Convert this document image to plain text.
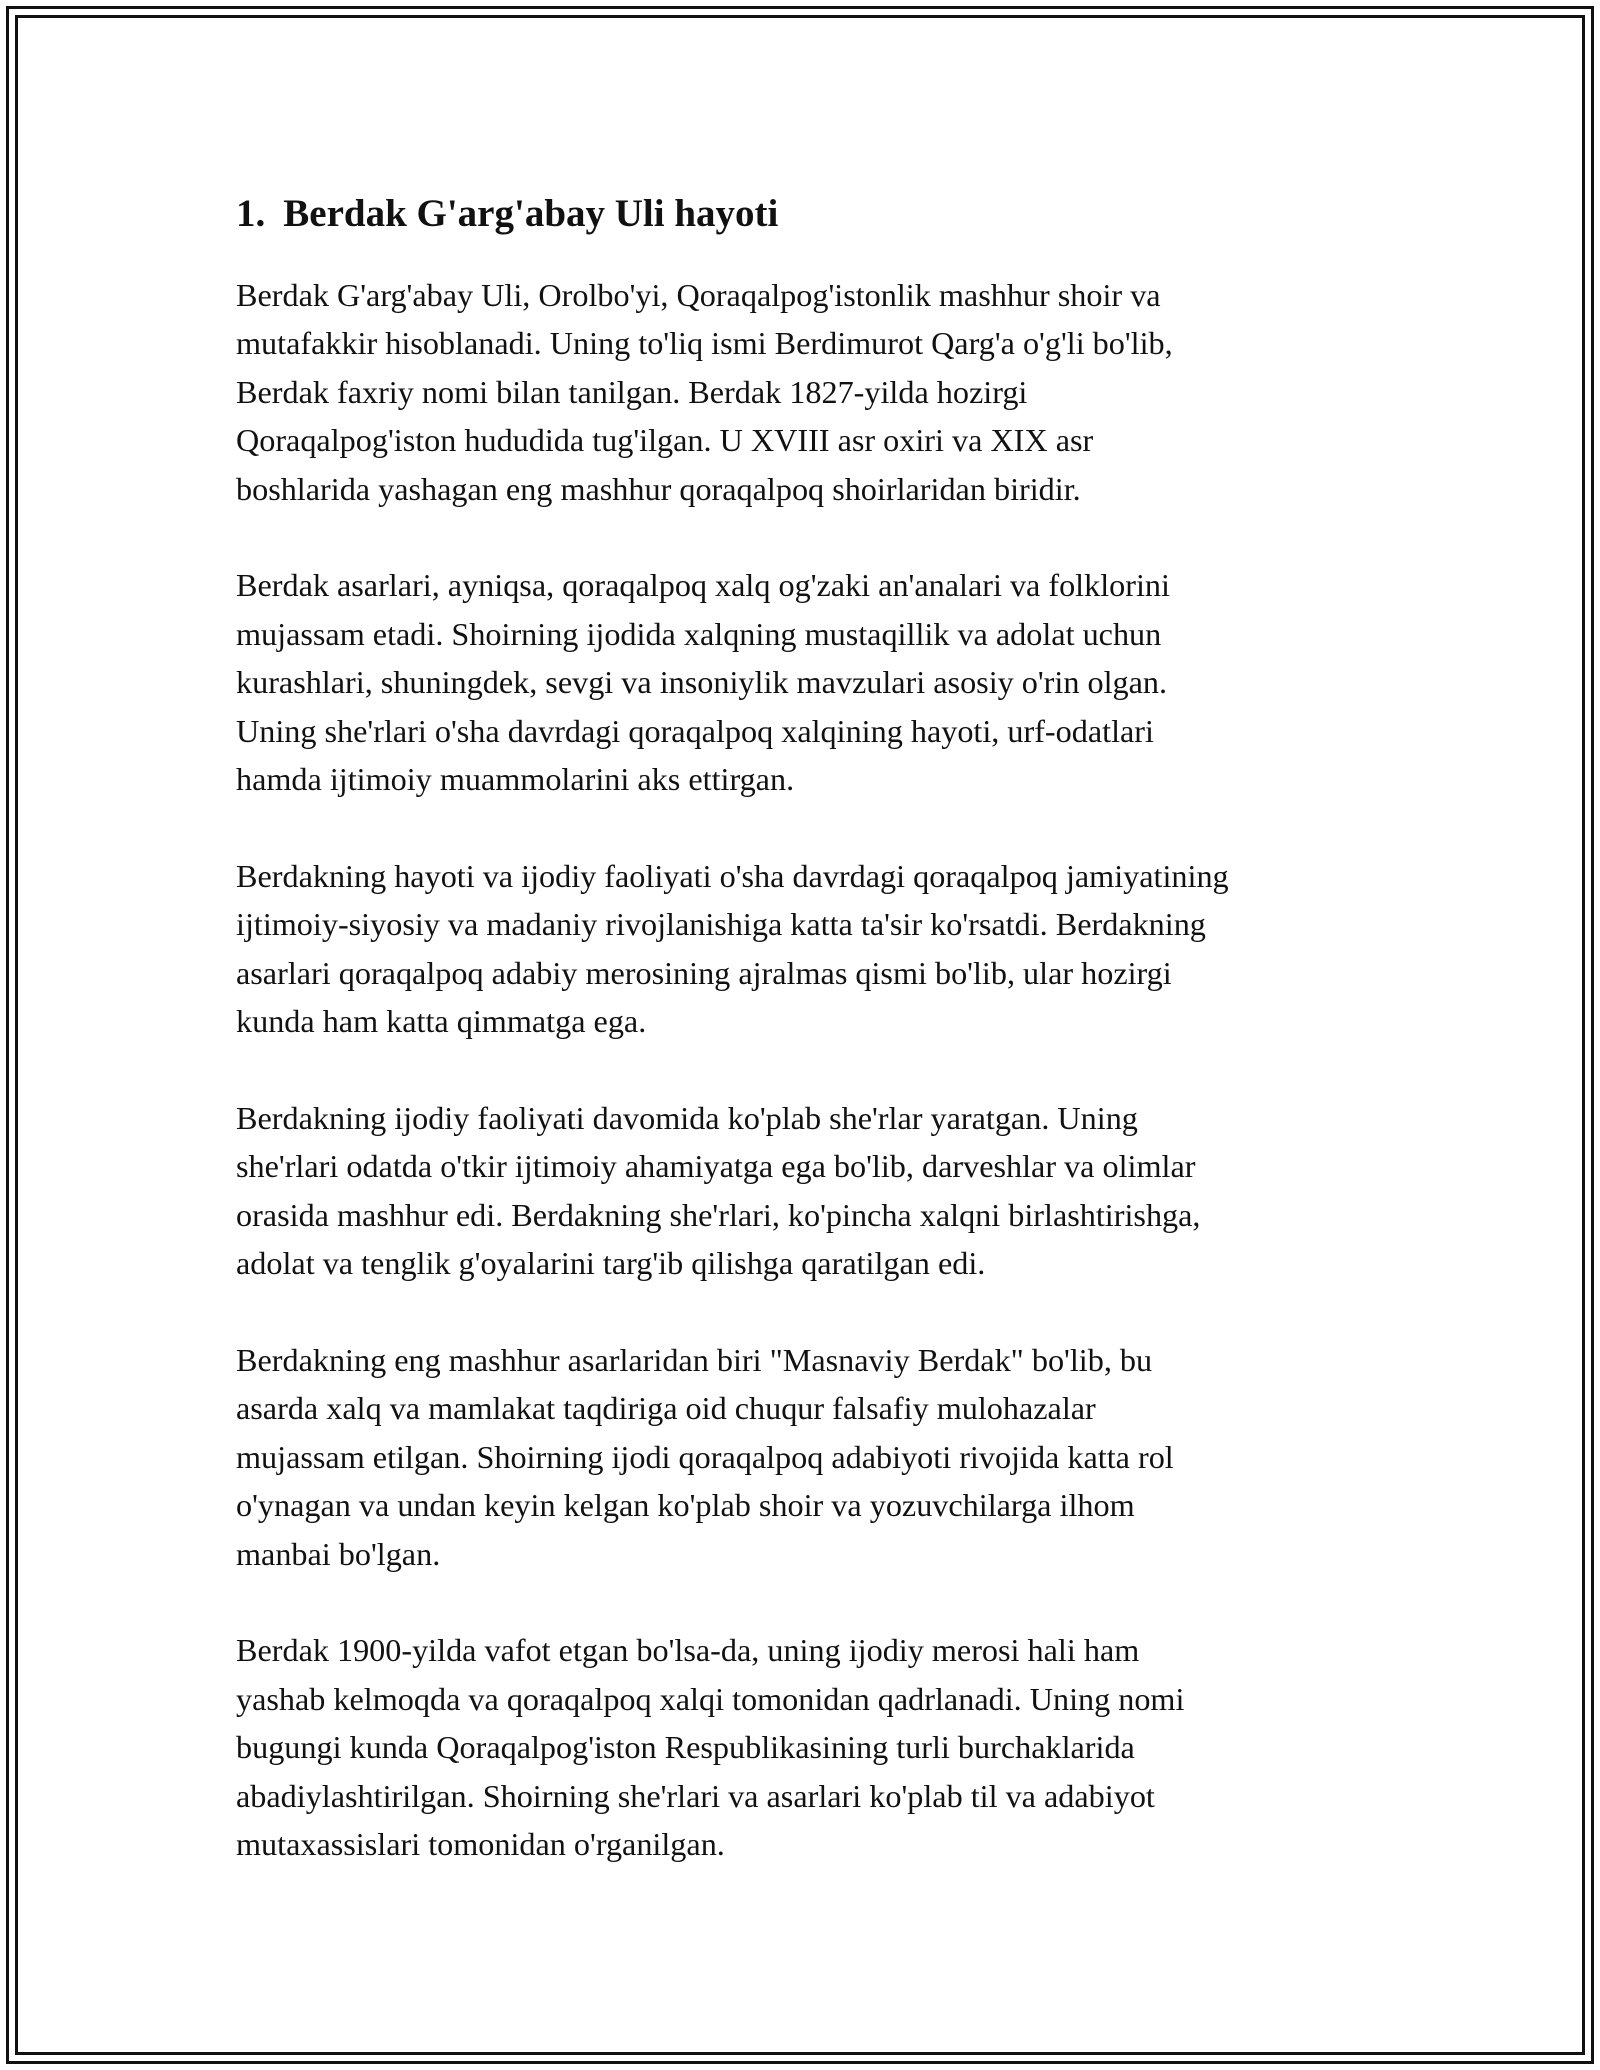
1. Berdak G'arg'abay Uli hayoti

Berdak G'arg'abay Uli, Orolbo'yi, Qoraqalpog'istonlik mashhur shoir va
mutafakkir hisoblanadi. Uning to'liq ismi Berdimurot Qarg'a o'g'li bo'lib,
Berdak faxriy nomi bilan tanilgan. Berdak 1827-yilda hozirgi
Qoraqalpog'iston hududida tug'ilgan. U XVIII asr oxiri va XIX asr
boshlarida yashagan eng mashhur qoraqalpoq shoirlaridan biridir.

Berdak asarlari, ayniqsa, qoraqalpoq xalq og'zaki an'analari va folklorini
mujassam etadi. Shoirning ijodida xalqning mustaqillik va adolat uchun
kurashlari, shuningdek, sevgi va insoniylik mavzulari asosiy o'rin olgan.
Uning she'rlari o'sha davrdagi qoraqalpoq xalqining hayoti, urf-odatlari
hamda ijtimoiy muammolarini aks ettirgan.

Berdakning hayoti va ijodiy faoliyati o'sha davrdagi qoraqalpoq jamiyatining
ijtimoiy-siyosiy va madaniy rivojlanishiga katta ta'sir ko'rsatdi. Berdakning
asarlari qoraqalpoq adabiy merosining ajralmas qismi bo'lib, ular hozirgi
kunda ham katta qimmatga ega.

Berdakning ijodiy faoliyati davomida ko'plab she'rlar yaratgan. Uning
she'rlari odatda o'tkir ijtimoiy ahamiyatga ega bo'lib, darveshlar va olimlar
orasida mashhur edi. Berdakning she'rlari, ko'pincha xalqni birlashtirishga,
adolat va tenglik g'oyalarini targ'ib qilishga qaratilgan edi.

Berdakning eng mashhur asarlaridan biri "Masnaviy Berdak" bo'lib, bu
asarda xalq va mamlakat taqdiriga oid chuqur falsafiy mulohazalar
mujassam etilgan. Shoirning ijodi qoraqalpoq adabiyoti rivojida katta rol
o'ynagan va undan keyin kelgan ko'plab shoir va yozuvchilarga ilhom
manbai bo'lgan.

Berdak 1900-yilda vafot etgan bo'lsa-da, uning ijodiy merosi hali ham
yashab kelmoqda va qoraqalpoq xalqi tomonidan qadrlanadi. Uning nomi
bugungi kunda Qoraqalpog'iston Respublikasining turli burchaklarida
abadiylashtirilgan. Shoirning she'rlari va asarlari ko'plab til va adabiyot
mutaxassislari tomonidan o'rganilgan.
